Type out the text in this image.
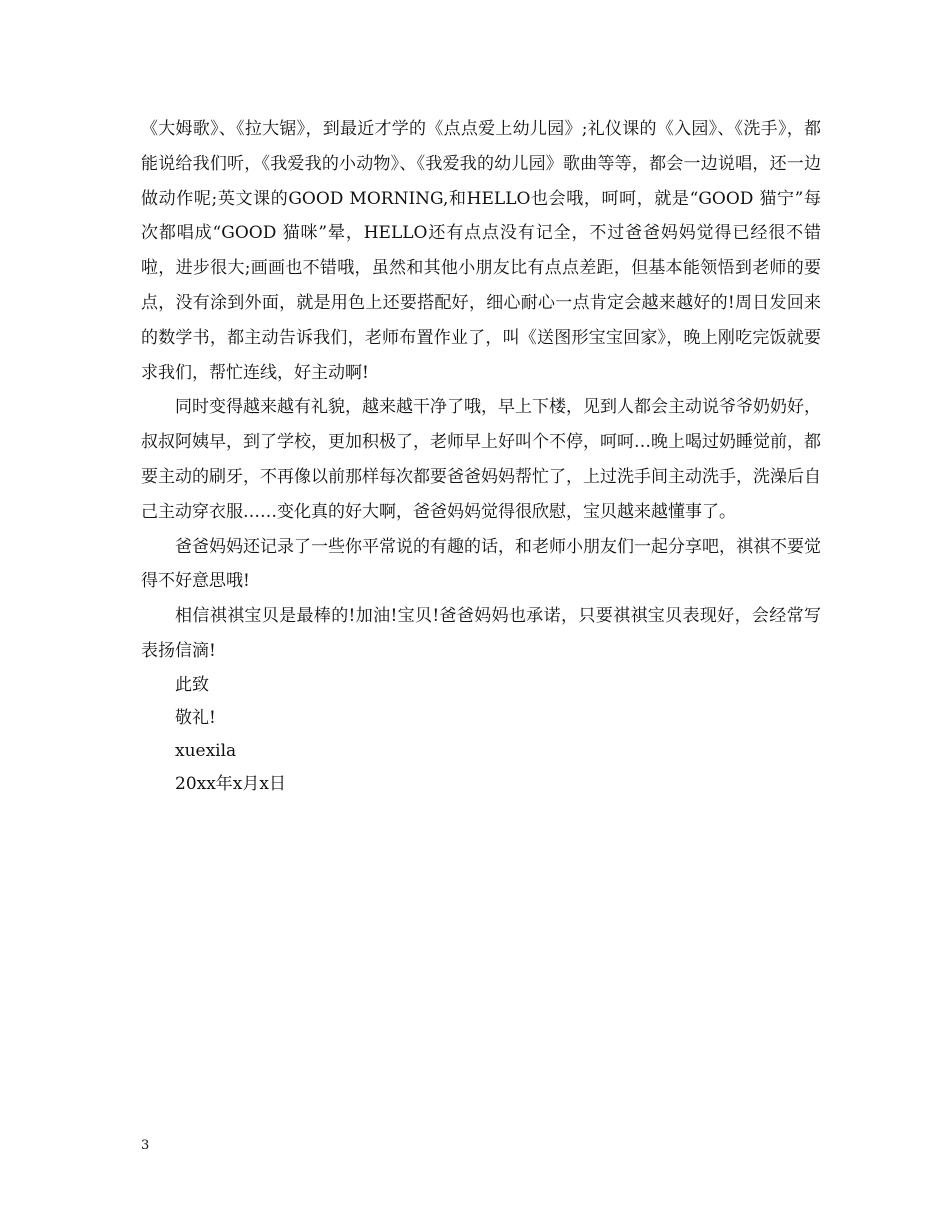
《大姆歌》、《拉大锯》，到最近才学的《点点爱上幼儿园》;礼仪课的《入园》、《洗手》，都能说给我们听，《我爱我的小动物》、《我爱我的幼儿园》歌曲等等，都会一边说唱，还一边做动作呢;英文课的GOOD MORNING,和HELLO也会哦，呵呵，就是“GOOD 猫宁”每次都唱成“GOOD 猫咪”晕，HELLO还有点点没有记全，不过爸爸妈妈觉得已经很不错啦，进步很大;画画也不错哦，虽然和其他小朋友比有点点差距，但基本能领悟到老师的要点，没有涂到外面，就是用色上还要搭配好，细心耐心一点肯定会越来越好的!周日发回来的数学书，都主动告诉我们，老师布置作业了，叫《送图形宝宝回家》，晚上刚吃完饭就要求我们，帮忙连线，好主动啊!

同时变得越来越有礼貌，越来越干净了哦，早上下楼，见到人都会主动说爷爷奶奶好，叔叔阿姨早，到了学校，更加积极了，老师早上好叫个不停，呵呵…晚上喝过奶睡觉前，都要主动的刷牙，不再像以前那样每次都要爸爸妈妈帮忙了，上过洗手间主动洗手，洗澡后自己主动穿衣服……变化真的好大啊，爸爸妈妈觉得很欣慰，宝贝越来越懂事了。

爸爸妈妈还记录了一些你平常说的有趣的话，和老师小朋友们一起分享吧，祺祺不要觉得不好意思哦!

相信祺祺宝贝是最棒的!加油!宝贝!爸爸妈妈也承诺，只要祺祺宝贝表现好，会经常写表扬信滴!

此致

敬礼!

xuexila

20xx年x月x日

3
